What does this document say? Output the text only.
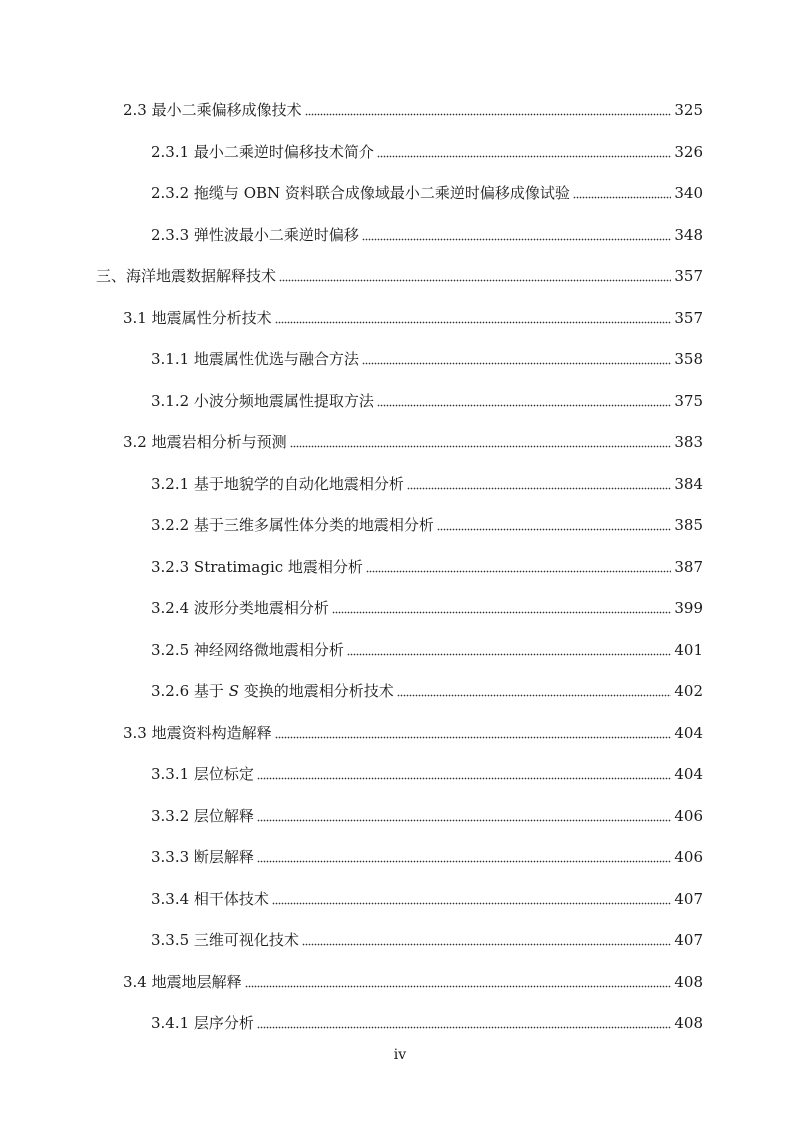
2.3 最小二乘偏移成像技术	325
2.3.1 最小二乘逆时偏移技术简介	326
2.3.2 拖缆与 OBN 资料联合成像域最小二乘逆时偏移成像试验	340
2.3.3 弹性波最小二乘逆时偏移	348
三、海洋地震数据解释技术	357
3.1 地震属性分析技术	357
3.1.1 地震属性优选与融合方法	358
3.1.2 小波分频地震属性提取方法	375
3.2 地震岩相分析与预测	383
3.2.1 基于地貌学的自动化地震相分析	384
3.2.2 基于三维多属性体分类的地震相分析	385
3.2.3 Stratimagic 地震相分析	387
3.2.4 波形分类地震相分析	399
3.2.5 神经网络微地震相分析	401
3.2.6 基于 S 变换的地震相分析技术	402
3.3 地震资料构造解释	404
3.3.1 层位标定	404
3.3.2 层位解释	406
3.3.3 断层解释	406
3.3.4 相干体技术	407
3.3.5 三维可视化技术	407
3.4 地震地层解释	408
3.4.1 层序分析	408
iv
